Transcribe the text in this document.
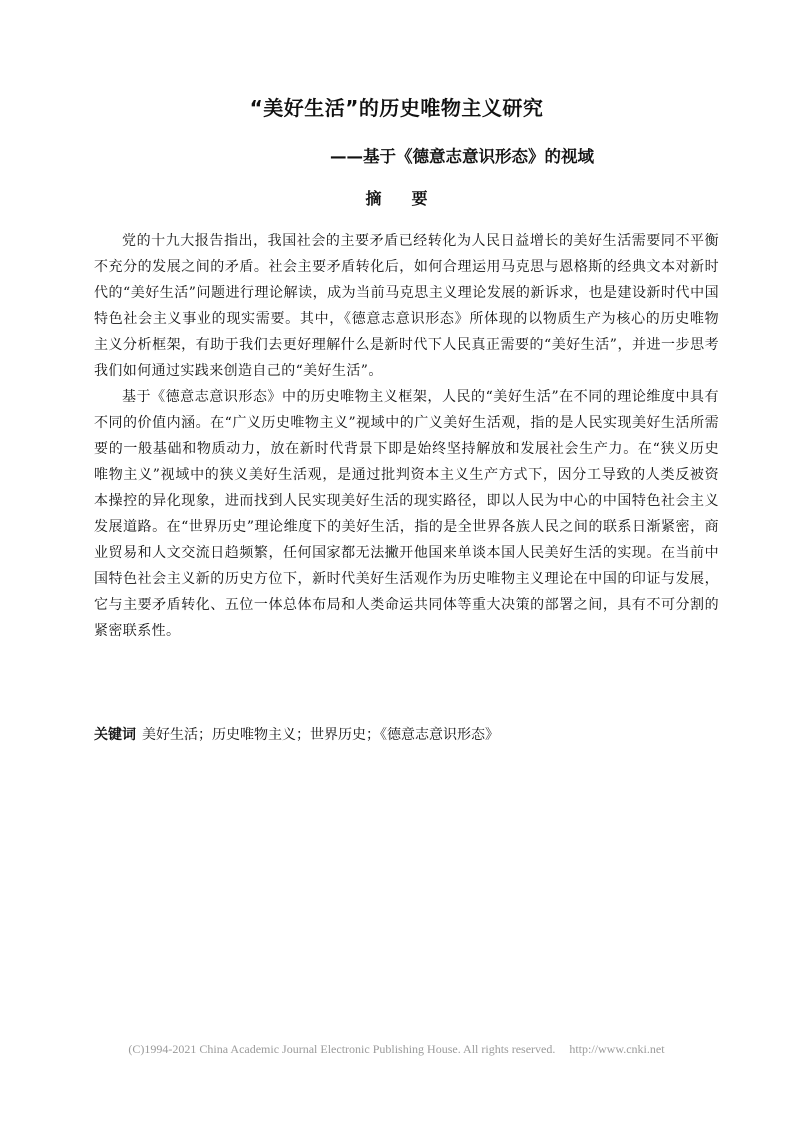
“美好生活”的历史唯物主义研究
——基于《德意志意识形态》的视域
摘要

党的十九大报告指出，我国社会的主要矛盾已经转化为人民日益增长的美好生活需要同不平衡不充分的发展之间的矛盾。社会主要矛盾转化后，如何合理运用马克思与恩格斯的经典文本对新时代的“美好生活”问题进行理论解读，成为当前马克思主义理论发展的新诉求，也是建设新时代中国特色社会主义事业的现实需要。其中，《德意志意识形态》所体现的以物质生产为核心的历史唯物主义分析框架，有助于我们去更好理解什么是新时代下人民真正需要的“美好生活”，并进一步思考我们如何通过实践来创造自己的“美好生活”。

基于《德意志意识形态》中的历史唯物主义框架，人民的“美好生活”在不同的理论维度中具有不同的价值内涵。在“广义历史唯物主义”视域中的广义美好生活观，指的是人民实现美好生活所需要的一般基础和物质动力，放在新时代背景下即是始终坚持解放和发展社会生产力。在“狭义历史唯物主义”视域中的狭义美好生活观，是通过批判资本主义生产方式下，因分工导致的人类反被资本操控的异化现象，进而找到人民实现美好生活的现实路径，即以人民为中心的中国特色社会主义发展道路。在“世界历史”理论维度下的美好生活，指的是全世界各族人民之间的联系日渐紧密，商业贸易和人文交流日趋频繁，任何国家都无法撇开他国来单谈本国人民美好生活的实现。在当前中国特色社会主义新的历史方位下，新时代美好生活观作为历史唯物主义理论在中国的印证与发展，它与主要矛盾转化、五位一体总体布局和人类命运共同体等重大决策的部署之间，具有不可分割的紧密联系性。

关键词 美好生活；历史唯物主义；世界历史；《德意志意识形态》
(C)1994-2021 China Academic Journal Electronic Publishing House. All rights reserved. http://www.cnki.net
